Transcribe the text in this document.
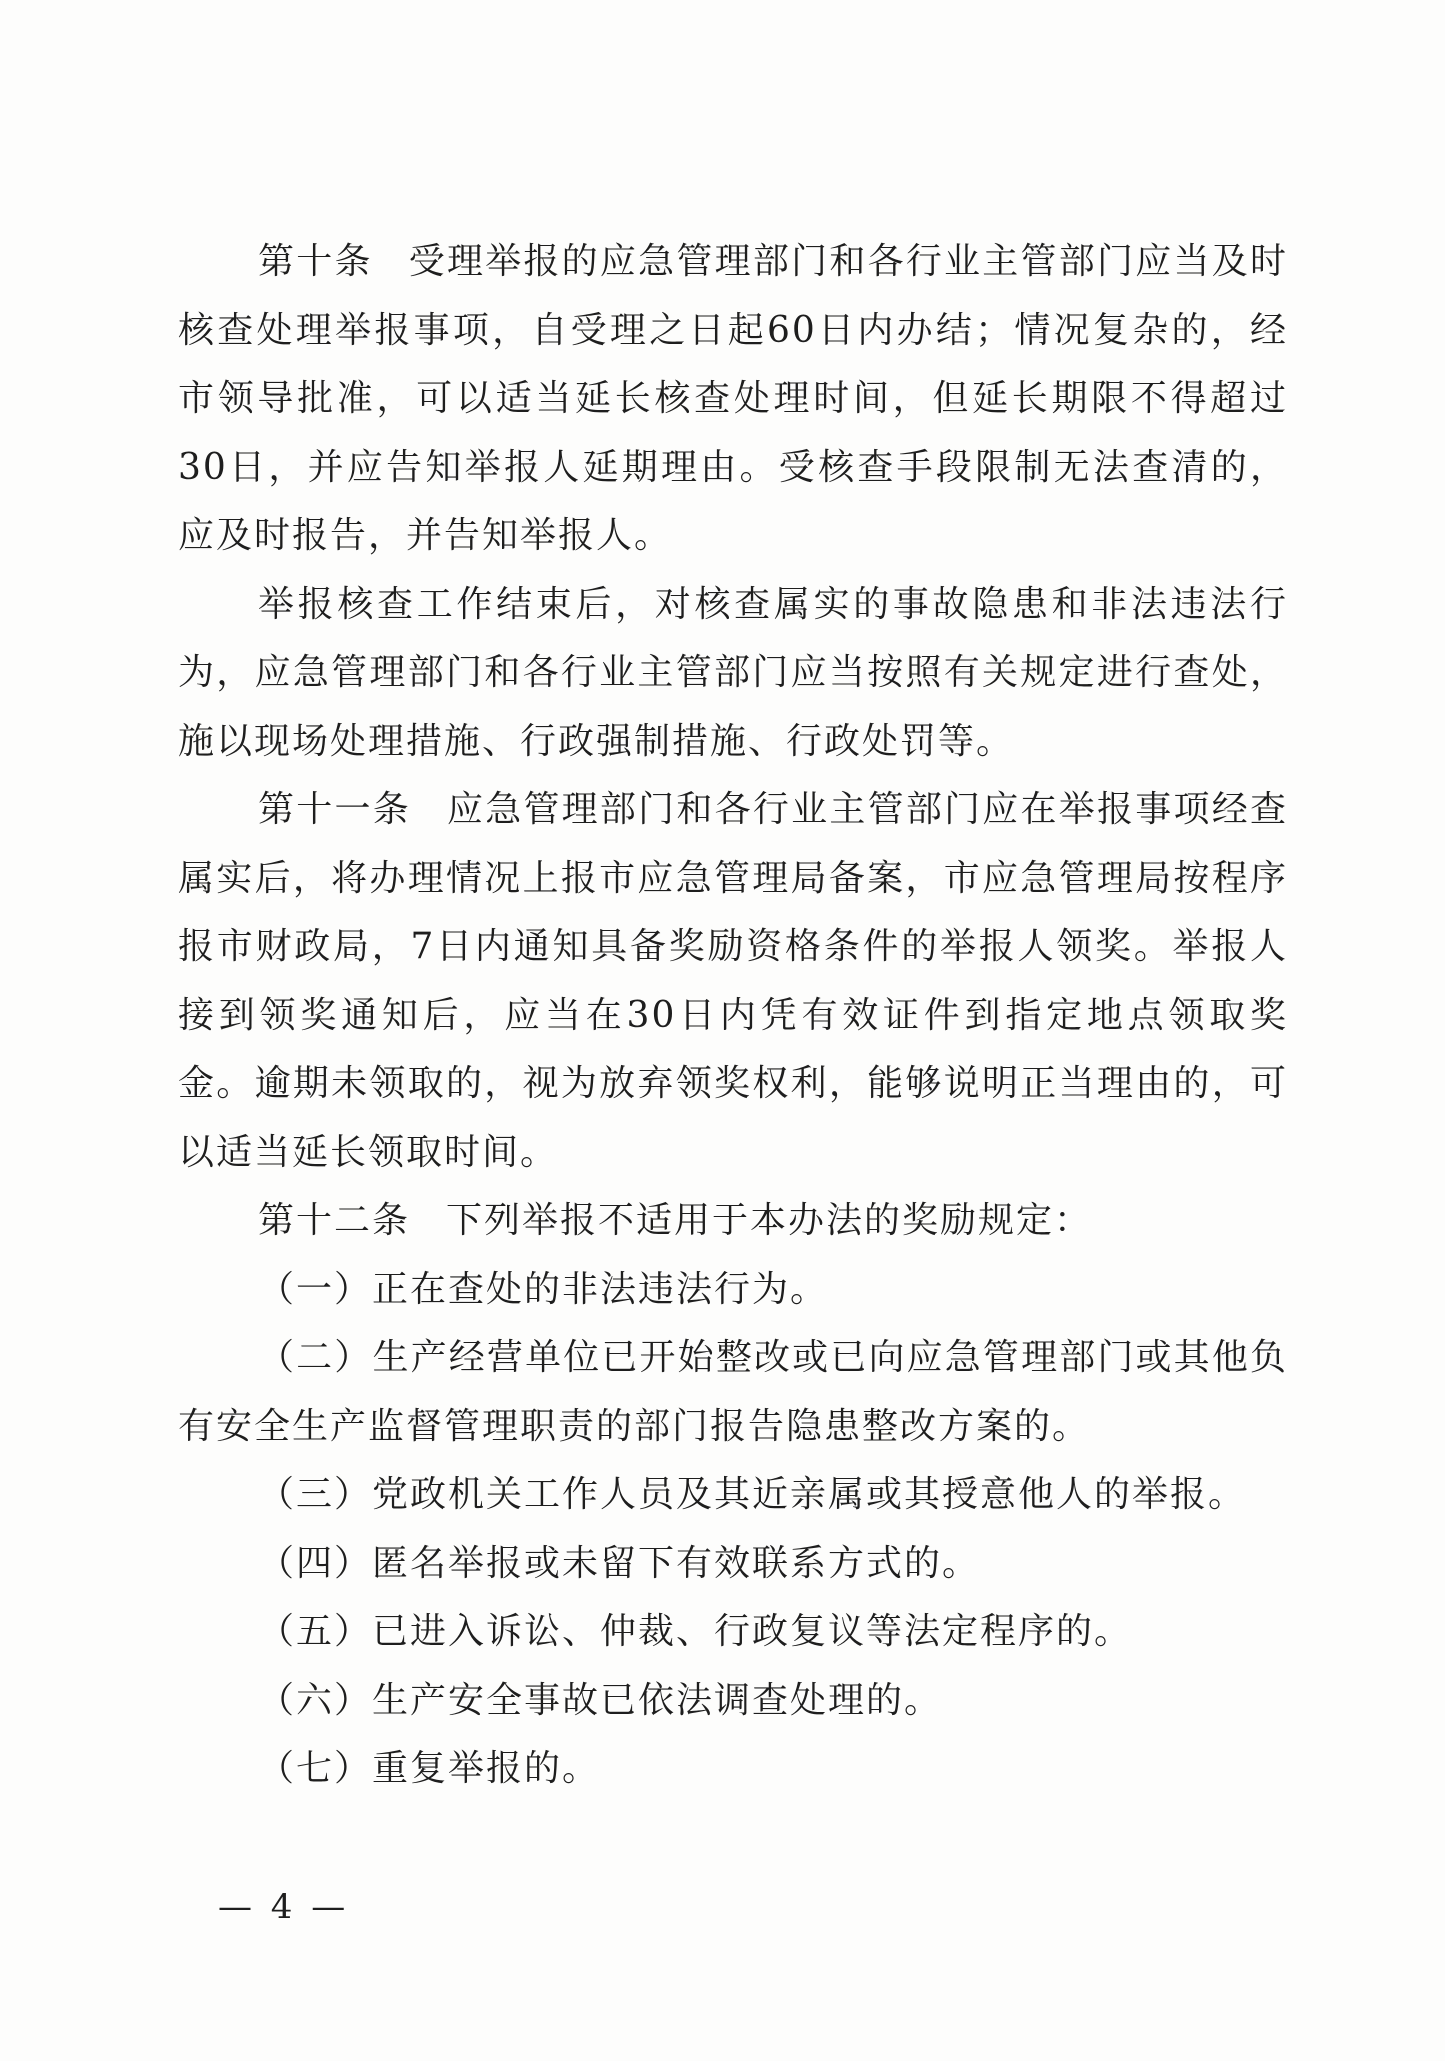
第十条 受理举报的应急管理部门和各行业主管部门应当及时核查处理举报事项，自受理之日起60日内办结；情况复杂的，经市领导批准，可以适当延长核查处理时间，但延长期限不得超过30日，并应告知举报人延期理由。受核查手段限制无法查清的，应及时报告，并告知举报人。

举报核查工作结束后，对核查属实的事故隐患和非法违法行为，应急管理部门和各行业主管部门应当按照有关规定进行查处，施以现场处理措施、行政强制措施、行政处罚等。

第十一条 应急管理部门和各行业主管部门应在举报事项经查属实后，将办理情况上报市应急管理局备案，市应急管理局按程序报市财政局，7日内通知具备奖励资格条件的举报人领奖。举报人接到领奖通知后，应当在30日内凭有效证件到指定地点领取奖金。逾期未领取的，视为放弃领奖权利，能够说明正当理由的，可以适当延长领取时间。

第十二条 下列举报不适用于本办法的奖励规定：

（一）正在查处的非法违法行为。

（二）生产经营单位已开始整改或已向应急管理部门或其他负有安全生产监督管理职责的部门报告隐患整改方案的。

（三）党政机关工作人员及其近亲属或其授意他人的举报。

（四）匿名举报或未留下有效联系方式的。

（五）已进入诉讼、仲裁、行政复议等法定程序的。

（六）生产安全事故已依法调查处理的。

（七）重复举报的。

— 4 —
